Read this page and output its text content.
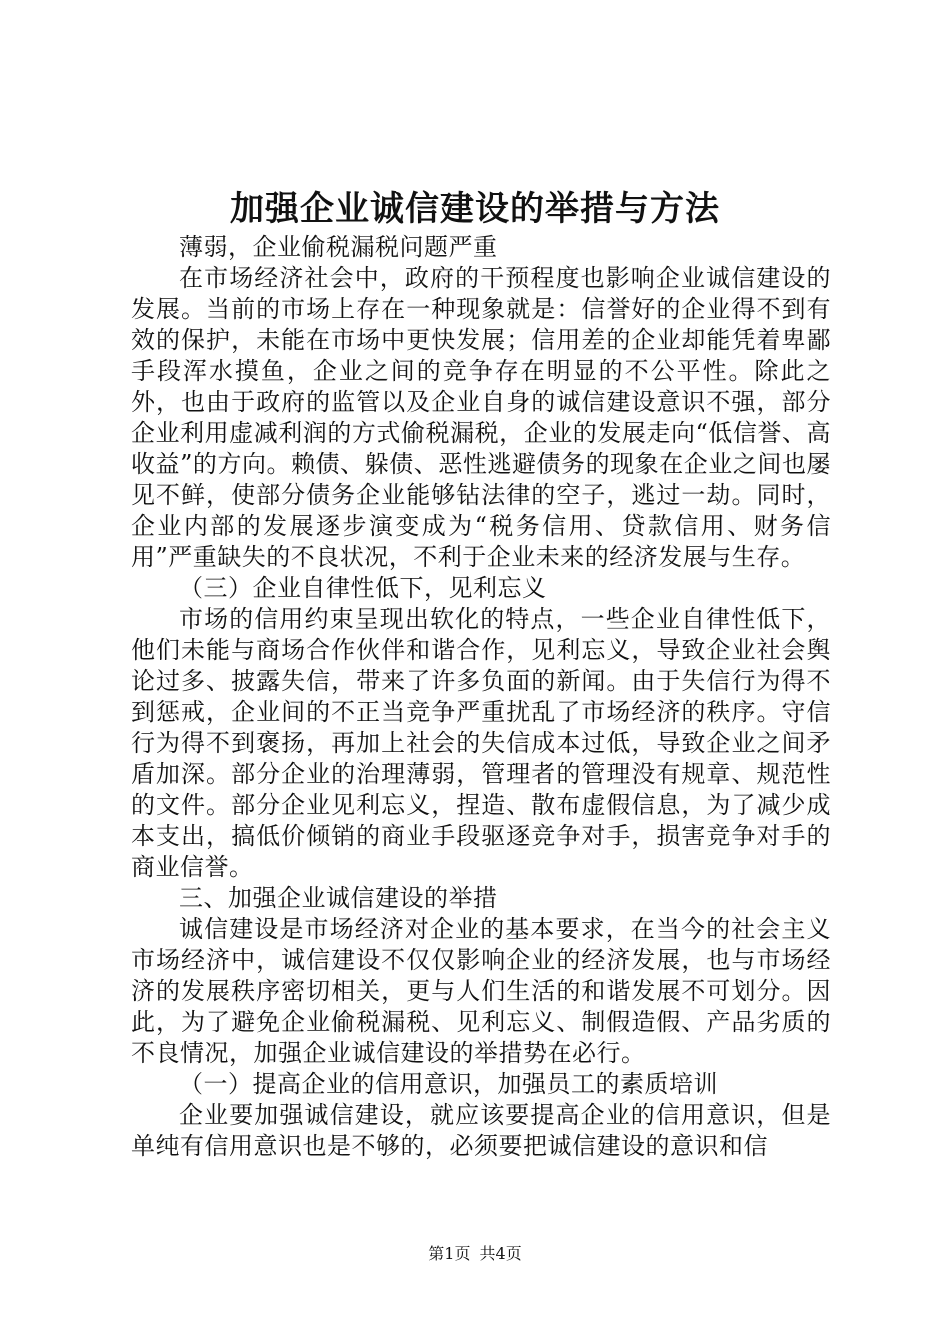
加强企业诚信建设的举措与方法

薄弱，企业偷税漏税问题严重

在市场经济社会中，政府的干预程度也影响企业诚信建设的发展。当前的市场上存在一种现象就是：信誉好的企业得不到有效的保护，未能在市场中更快发展；信用差的企业却能凭着卑鄙手段浑水摸鱼，企业之间的竞争存在明显的不公平性。除此之外，也由于政府的监管以及企业自身的诚信建设意识不强，部分企业利用虚减利润的方式偷税漏税，企业的发展走向“低信誉、高收益”的方向。赖债、躲债、恶性逃避债务的现象在企业之间也屡见不鲜，使部分债务企业能够钻法律的空子，逃过一劫。同时，企业内部的发展逐步演变成为“税务信用、贷款信用、财务信用”严重缺失的不良状况，不利于企业未来的经济发展与生存。

（三）企业自律性低下，见利忘义

市场的信用约束呈现出软化的特点，一些企业自律性低下，他们未能与商场合作伙伴和谐合作，见利忘义，导致企业社会舆论过多、披露失信，带来了许多负面的新闻。由于失信行为得不到惩戒，企业间的不正当竞争严重扰乱了市场经济的秩序。守信行为得不到褒扬，再加上社会的失信成本过低，导致企业之间矛盾加深。部分企业的治理薄弱，管理者的管理没有规章、规范性的文件。部分企业见利忘义，捏造、散布虚假信息，为了减少成本支出，搞低价倾销的商业手段驱逐竞争对手，损害竞争对手的商业信誉。

三、加强企业诚信建设的举措

诚信建设是市场经济对企业的基本要求，在当今的社会主义市场经济中，诚信建设不仅仅影响企业的经济发展，也与市场经济的发展秩序密切相关，更与人们生活的和谐发展不可划分。因此，为了避免企业偷税漏税、见利忘义、制假造假、产品劣质的不良情况，加强企业诚信建设的举措势在必行。

（一）提高企业的信用意识，加强员工的素质培训

企业要加强诚信建设，就应该要提高企业的信用意识，但是单纯有信用意识也是不够的，必须要把诚信建设的意识和信

第1页 共4页
